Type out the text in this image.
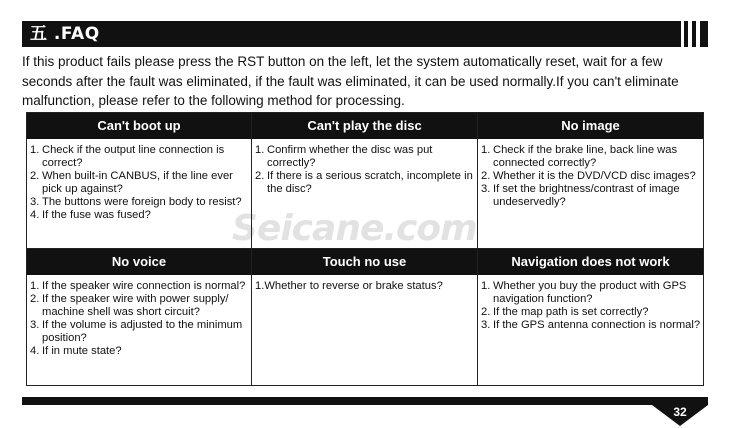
五 .FAQ
If this product fails please press the RST button on the left, let the system automatically reset, wait for a few seconds after the fault was eliminated, if the fault was eliminated, it can be used normally.If you can't eliminate malfunction, please refer to the following method for processing.
Seicane.com
Can't boot up
1. Check if the output line connection is correct?
2. When built-in CANBUS, if the line ever pick up against?
3. The buttons were foreign body to resist?
4. If the fuse was fused?
Can't play the disc
1. Confirm whether the disc was put correctly?
2. If there is a serious scratch, incomplete in the disc?
No image
1. Check if the brake line, back line was connected correctly?
2. Whether it is the DVD/VCD disc images?
3. If set the brightness/contrast of image undeservedly?
No voice
1. If the speaker wire connection is normal?
2. If the speaker wire with power supply/ machine shell was short circuit?
3. If the volume is adjusted to the minimum position?
4. If in mute state?
Touch no use
1.Whether to reverse or brake status?
Navigation does not work
1. Whether you buy the product with GPS navigation function?
2. If the map path is set correctly?
3. If the GPS antenna connection is normal?
32
